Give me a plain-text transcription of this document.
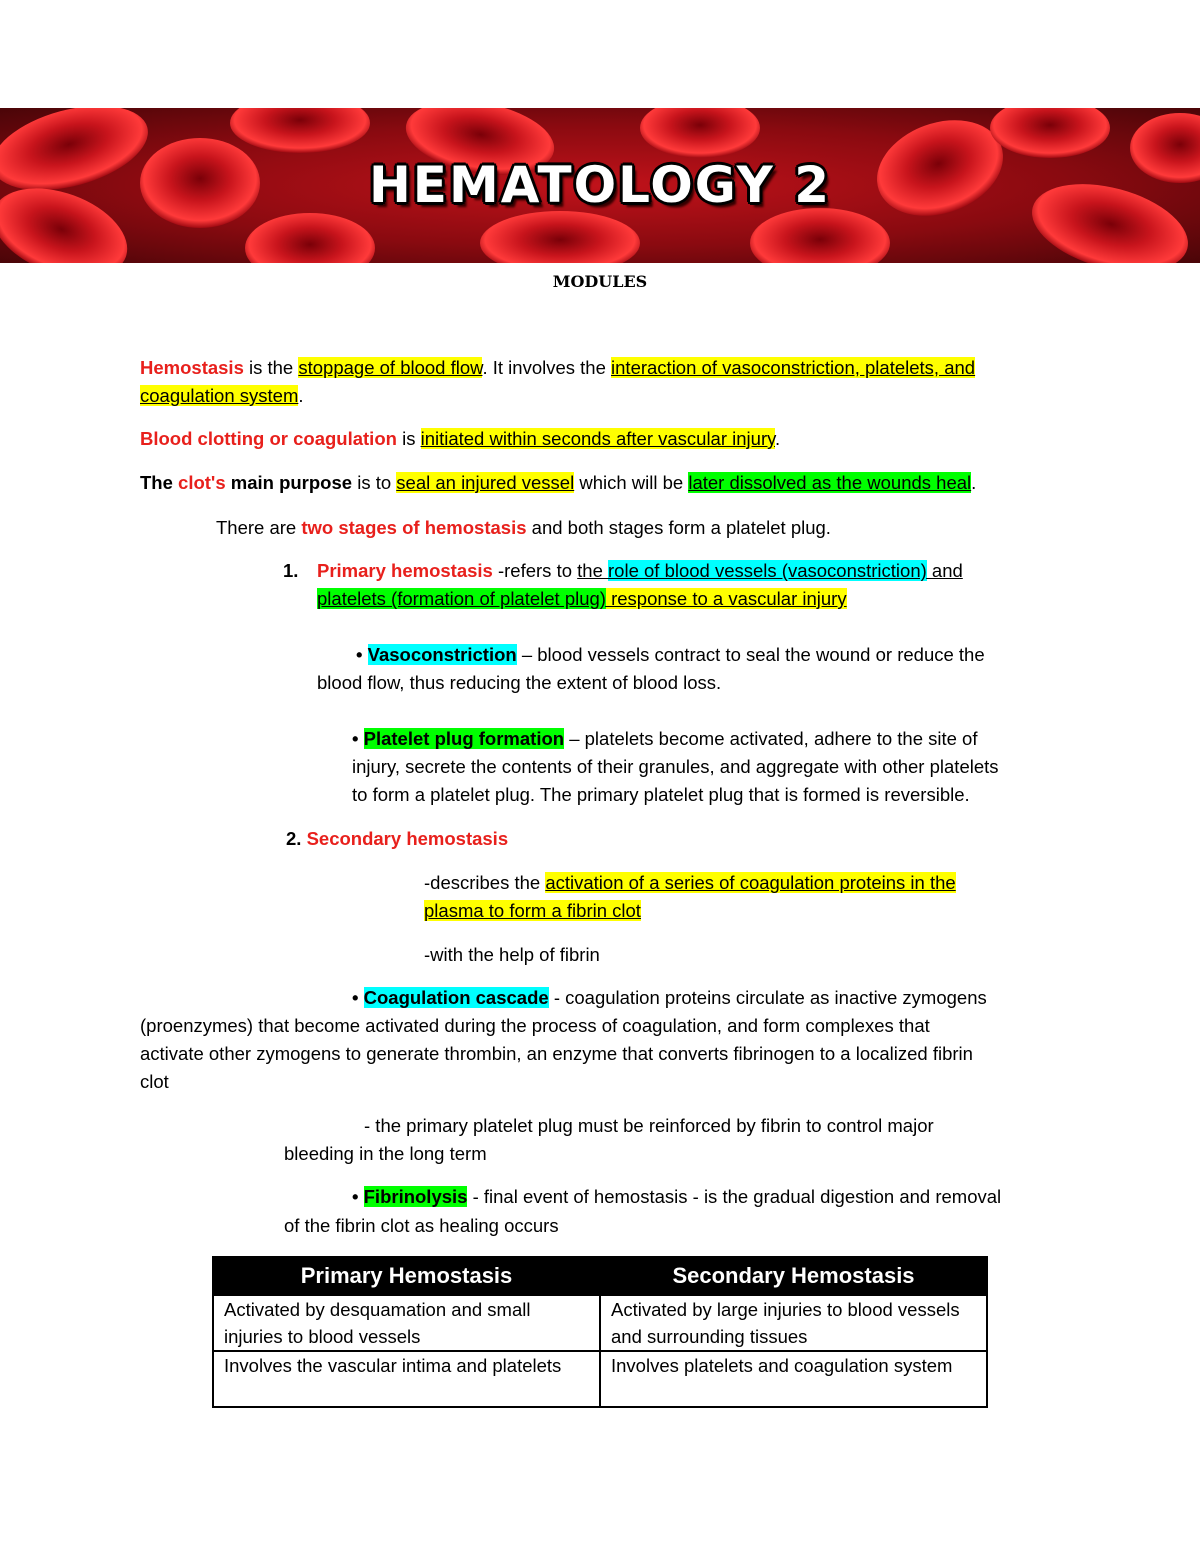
HEMATOLOGY 2
MODULES
Hemostasis is the stoppage of blood flow. It involves the interaction of vasoconstriction, platelets, and
coagulation system.
Blood clotting or coagulation is initiated within seconds after vascular injury.
The clot's main purpose is to seal an injured vessel which will be later dissolved as the wounds heal.
There are two stages of hemostasis and both stages form a platelet plug.
1. Primary hemostasis -refers to the role of blood vessels (vasoconstriction) and
platelets (formation of platelet plug) response to a vascular injury
• Vasoconstriction – blood vessels contract to seal the wound or reduce the
blood flow, thus reducing the extent of blood loss.
• Platelet plug formation – platelets become activated, adhere to the site of
injury, secrete the contents of their granules, and aggregate with other platelets
to form a platelet plug. The primary platelet plug that is formed is reversible.
2. Secondary hemostasis
-describes the activation of a series of coagulation proteins in the
plasma to form a fibrin clot
-with the help of fibrin
• Coagulation cascade - coagulation proteins circulate as inactive zymogens
(proenzymes) that become activated during the process of coagulation, and form complexes that
activate other zymogens to generate thrombin, an enzyme that converts fibrinogen to a localized fibrin
clot
- the primary platelet plug must be reinforced by fibrin to control major
bleeding in the long term
• Fibrinolysis - final event of hemostasis - is the gradual digestion and removal
of the fibrin clot as healing occurs
Primary Hemostasis	Secondary Hemostasis
Activated by desquamation and small injuries to blood vessels	Activated by large injuries to blood vessels and surrounding tissues
Involves the vascular intima and platelets	Involves platelets and coagulation system
